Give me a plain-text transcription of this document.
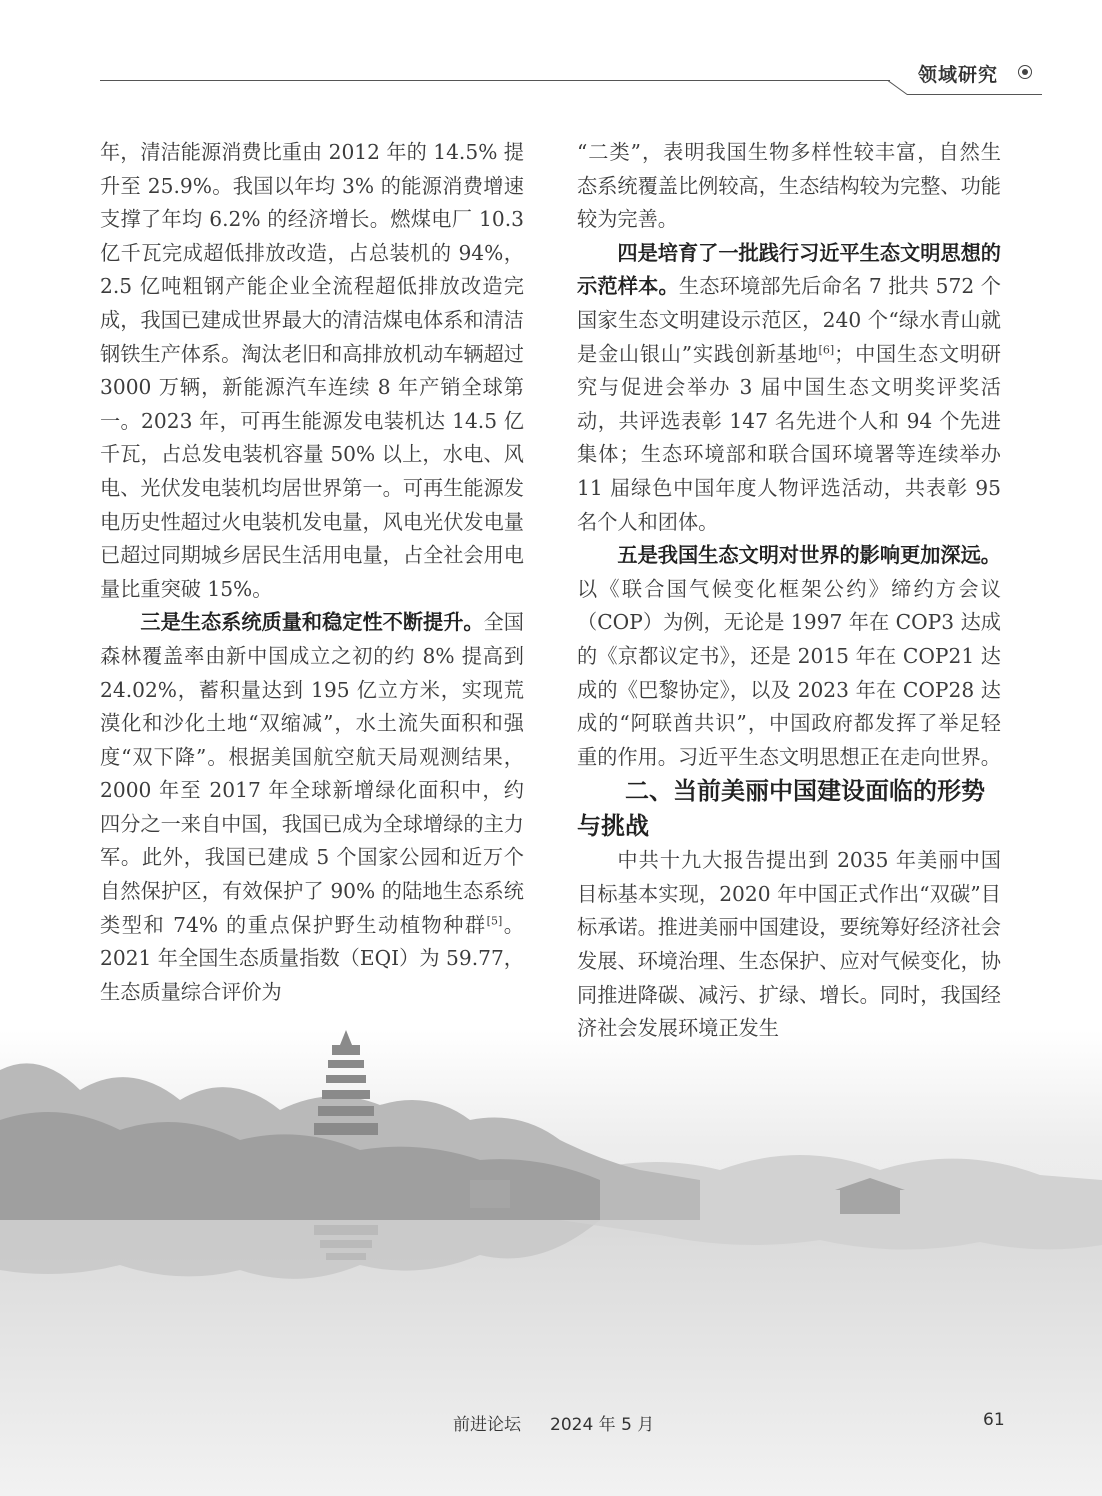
领域研究

年，清洁能源消费比重由 2012 年的 14.5% 提升至 25.9%。我国以年均 3% 的能源消费增速支撑了年均 6.2% 的经济增长。燃煤电厂 10.3 亿千瓦完成超低排放改造，占总装机的 94%，2.5 亿吨粗钢产能企业全流程超低排放改造完成，我国已建成世界最大的清洁煤电体系和清洁钢铁生产体系。淘汰老旧和高排放机动车辆超过 3000 万辆，新能源汽车连续 8 年产销全球第一。2023 年，可再生能源发电装机达 14.5 亿千瓦，占总发电装机容量 50% 以上，水电、风电、光伏发电装机均居世界第一。可再生能源发电历史性超过火电装机发电量，风电光伏发电量已超过同期城乡居民生活用电量，占全社会用电量比重突破 15%。

三是生态系统质量和稳定性不断提升。全国森林覆盖率由新中国成立之初的约 8% 提高到 24.02%，蓄积量达到 195 亿立方米，实现荒漠化和沙化土地“双缩减”，水土流失面积和强度“双下降”。根据美国航空航天局观测结果，2000 年至 2017 年全球新增绿化面积中，约四分之一来自中国，我国已成为全球增绿的主力军。此外，我国已建成 5 个国家公园和近万个自然保护区，有效保护了 90% 的陆地生态系统类型和 74% 的重点保护野生动植物种群[5]。2021 年全国生态质量指数（EQI）为 59.77，生态质量综合评价为

“二类”，表明我国生物多样性较丰富，自然生态系统覆盖比例较高，生态结构较为完整、功能较为完善。

四是培育了一批践行习近平生态文明思想的示范样本。生态环境部先后命名 7 批共 572 个国家生态文明建设示范区，240 个“绿水青山就是金山银山”实践创新基地[6]；中国生态文明研究与促进会举办 3 届中国生态文明奖评奖活动，共评选表彰 147 名先进个人和 94 个先进集体；生态环境部和联合国环境署等连续举办 11 届绿色中国年度人物评选活动，共表彰 95 名个人和团体。

五是我国生态文明对世界的影响更加深远。以《联合国气候变化框架公约》缔约方会议（COP）为例，无论是 1997 年在 COP3 达成的《京都议定书》，还是 2015 年在 COP21 达成的《巴黎协定》，以及 2023 年在 COP28 达成的“阿联酋共识”，中国政府都发挥了举足轻重的作用。习近平生态文明思想正在走向世界。

二、当前美丽中国建设面临的形势与挑战

中共十九大报告提出到 2035 年美丽中国目标基本实现，2020 年中国正式作出“双碳”目标承诺。推进美丽中国建设，要统筹好经济社会发展、环境治理、生态保护、应对气候变化，协同推进降碳、减污、扩绿、增长。同时，我国经济社会发展环境正发生

前进论坛 2024 年 5 月	61
